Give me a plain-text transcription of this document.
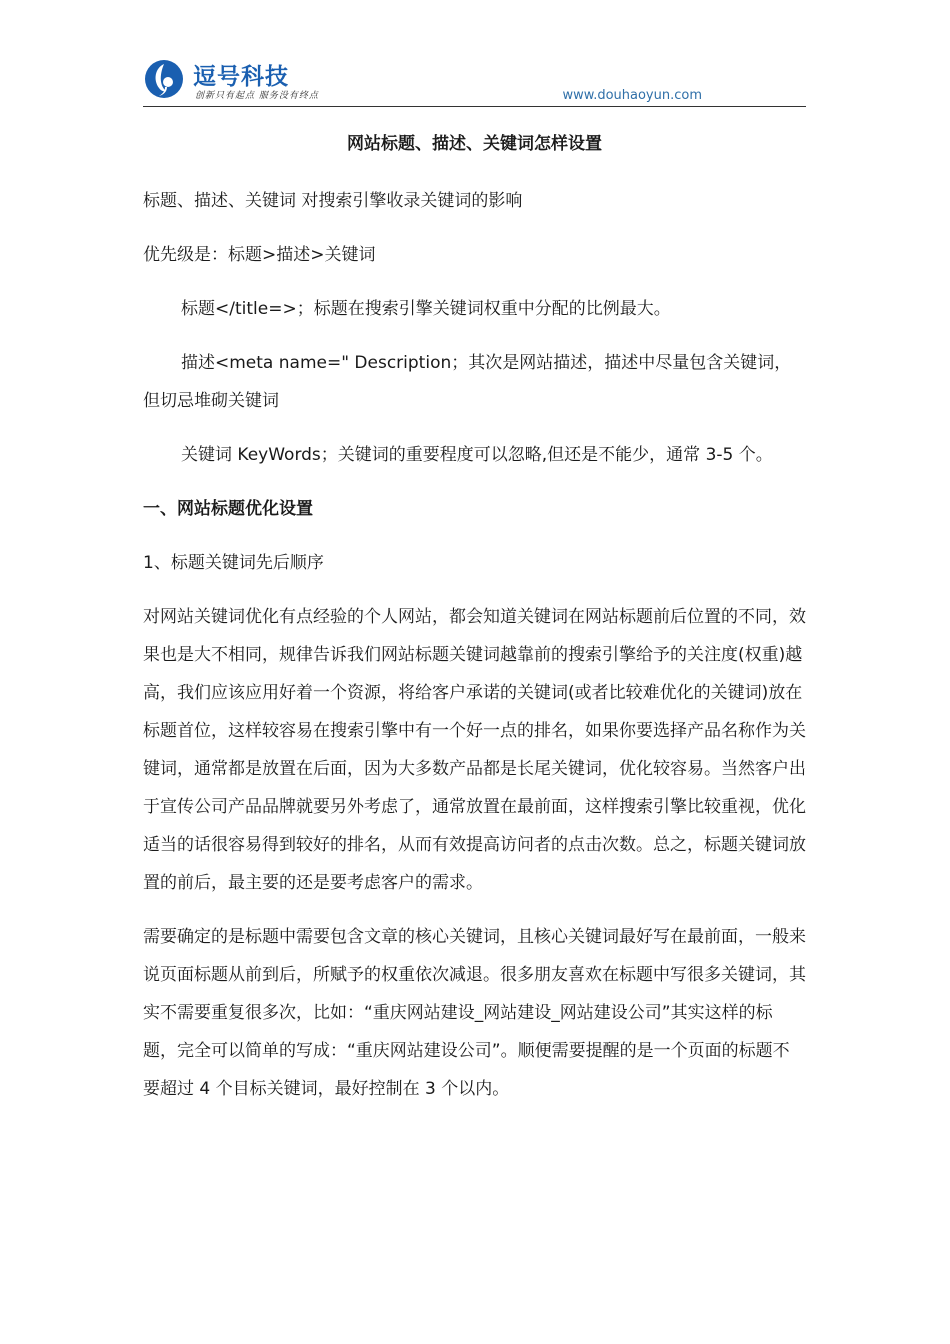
逗号科技
创新只有起点 服务没有终点	www.douhaoyun.com
网站标题、描述、关键词怎样设置

标题、描述、关键词 对搜索引擎收录关键词的影响

优先级是：标题>描述>关键词

标题</title=>；标题在搜索引擎关键词权重中分配的比例最大。

描述<meta name=" Description；其次是网站描述，描述中尽量包含关键词，但切忌堆砌关键词

关键词 KeyWords；关键词的重要程度可以忽略,但还是不能少，通常 3-5 个。

一、网站标题优化设置

1、标题关键词先后顺序

对网站关键词优化有点经验的个人网站，都会知道关键词在网站标题前后位置的不同，效果也是大不相同，规律告诉我们网站标题关键词越靠前的搜索引擎给予的关注度(权重)越高，我们应该应用好着一个资源，将给客户承诺的关键词(或者比较难优化的关键词)放在标题首位，这样较容易在搜索引擎中有一个好一点的排名，如果你要选择产品名称作为关键词，通常都是放置在后面，因为大多数产品都是长尾关键词，优化较容易。当然客户出于宣传公司产品品牌就要另外考虑了，通常放置在最前面，这样搜索引擎比较重视，优化适当的话很容易得到较好的排名，从而有效提高访问者的点击次数。总之，标题关键词放置的前后，最主要的还是要考虑客户的需求。

需要确定的是标题中需要包含文章的核心关键词，且核心关键词最好写在最前面，一般来说页面标题从前到后，所赋予的权重依次减退。很多朋友喜欢在标题中写很多关键词，其实不需要重复很多次，比如：“重庆网站建设_网站建设_网站建设公司”其实这样的标题，完全可以简单的写成：“重庆网站建设公司”。顺便需要提醒的是一个页面的标题不要超过 4 个目标关键词，最好控制在 3 个以内。
